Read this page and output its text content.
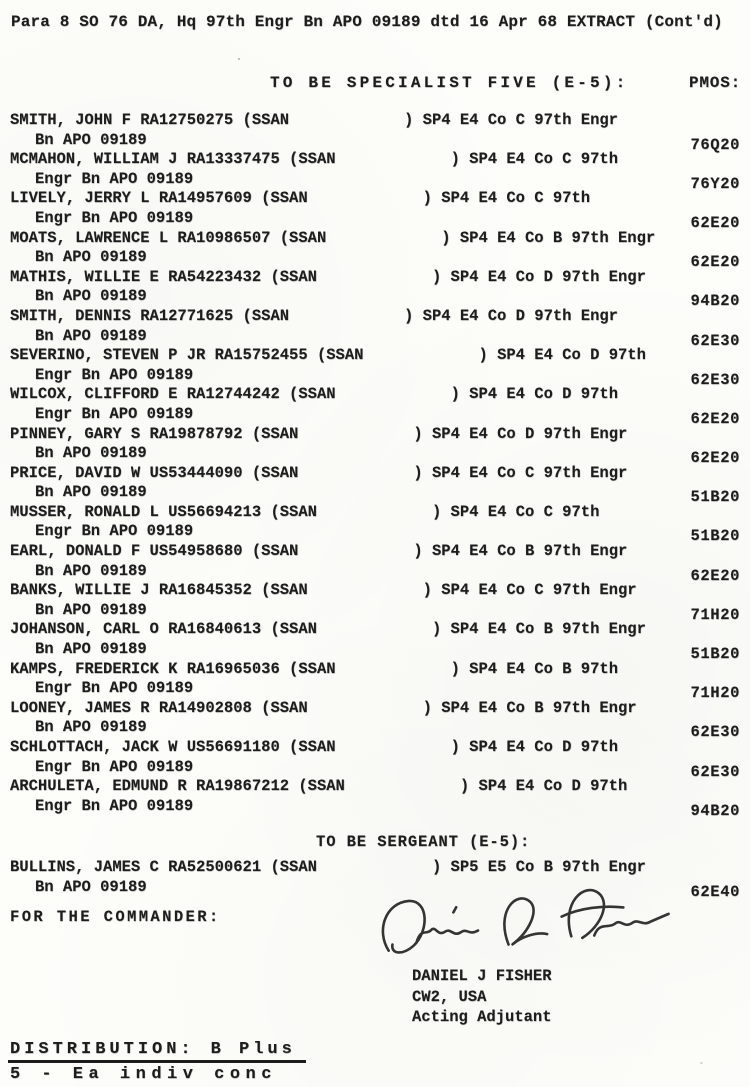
Para 8 SO 76 DA, Hq 97th Engr Bn APO 09189 dtd 16 Apr 68 EXTRACT (Cont'd)
TO BE SPECIALIST FIVE (E-5):	PMOS:
SMITH, JOHN F RA12750275 (SSAN	) SP4 E4 Co C 97th Engr
Bn APO 09189	76Q20
MCMAHON, WILLIAM J RA13337475 (SSAN	) SP4 E4 Co C 97th
Engr Bn APO 09189	76Y20
LIVELY, JERRY L RA14957609 (SSAN	) SP4 E4 Co C 97th
Engr Bn APO 09189	62E20
MOATS, LAWRENCE L RA10986507 (SSAN	) SP4 E4 Co B 97th Engr
Bn APO 09189	62E20
MATHIS, WILLIE E RA54223432 (SSAN	) SP4 E4 Co D 97th Engr
Bn APO 09189	94B20
SMITH, DENNIS RA12771625 (SSAN	) SP4 E4 Co D 97th Engr
Bn APO 09189	62E30
SEVERINO, STEVEN P JR RA15752455 (SSAN	) SP4 E4 Co D 97th
Engr Bn APO 09189	62E30
WILCOX, CLIFFORD E RA12744242 (SSAN	) SP4 E4 Co D 97th
Engr Bn APO 09189	62E20
PINNEY, GARY S RA19878792 (SSAN	) SP4 E4 Co D 97th Engr
Bn APO 09189	62E20
PRICE, DAVID W US53444090 (SSAN	) SP4 E4 Co C 97th Engr
Bn APO 09189	51B20
MUSSER, RONALD L US56694213 (SSAN	) SP4 E4 Co C 97th
Engr Bn APO 09189	51B20
EARL, DONALD F US54958680 (SSAN	) SP4 E4 Co B 97th Engr
Bn APO 09189	62E20
BANKS, WILLIE J RA16845352 (SSAN	) SP4 E4 Co C 97th Engr
Bn APO 09189	71H20
JOHANSON, CARL O RA16840613 (SSAN	) SP4 E4 Co B 97th Engr
Bn APO 09189	51B20
KAMPS, FREDERICK K RA16965036 (SSAN	) SP4 E4 Co B 97th
Engr Bn APO 09189	71H20
LOONEY, JAMES R RA14902808 (SSAN	) SP4 E4 Co B 97th Engr
Bn APO 09189	62E30
SCHLOTTACH, JACK W US56691180 (SSAN	) SP4 E4 Co D 97th
Engr Bn APO 09189	62E30
ARCHULETA, EDMUND R RA19867212 (SSAN	) SP4 E4 Co D 97th
Engr Bn APO 09189	94B20
TO BE SERGEANT (E-5):
BULLINS, JAMES C RA52500621 (SSAN	) SP5 E5 Co B 97th Engr
Bn APO 09189	62E40
FOR THE COMMANDER:
DANIEL J FISHER
CW2, USA
Acting Adjutant
DISTRIBUTION: B Plus
5 - Ea indiv conc
